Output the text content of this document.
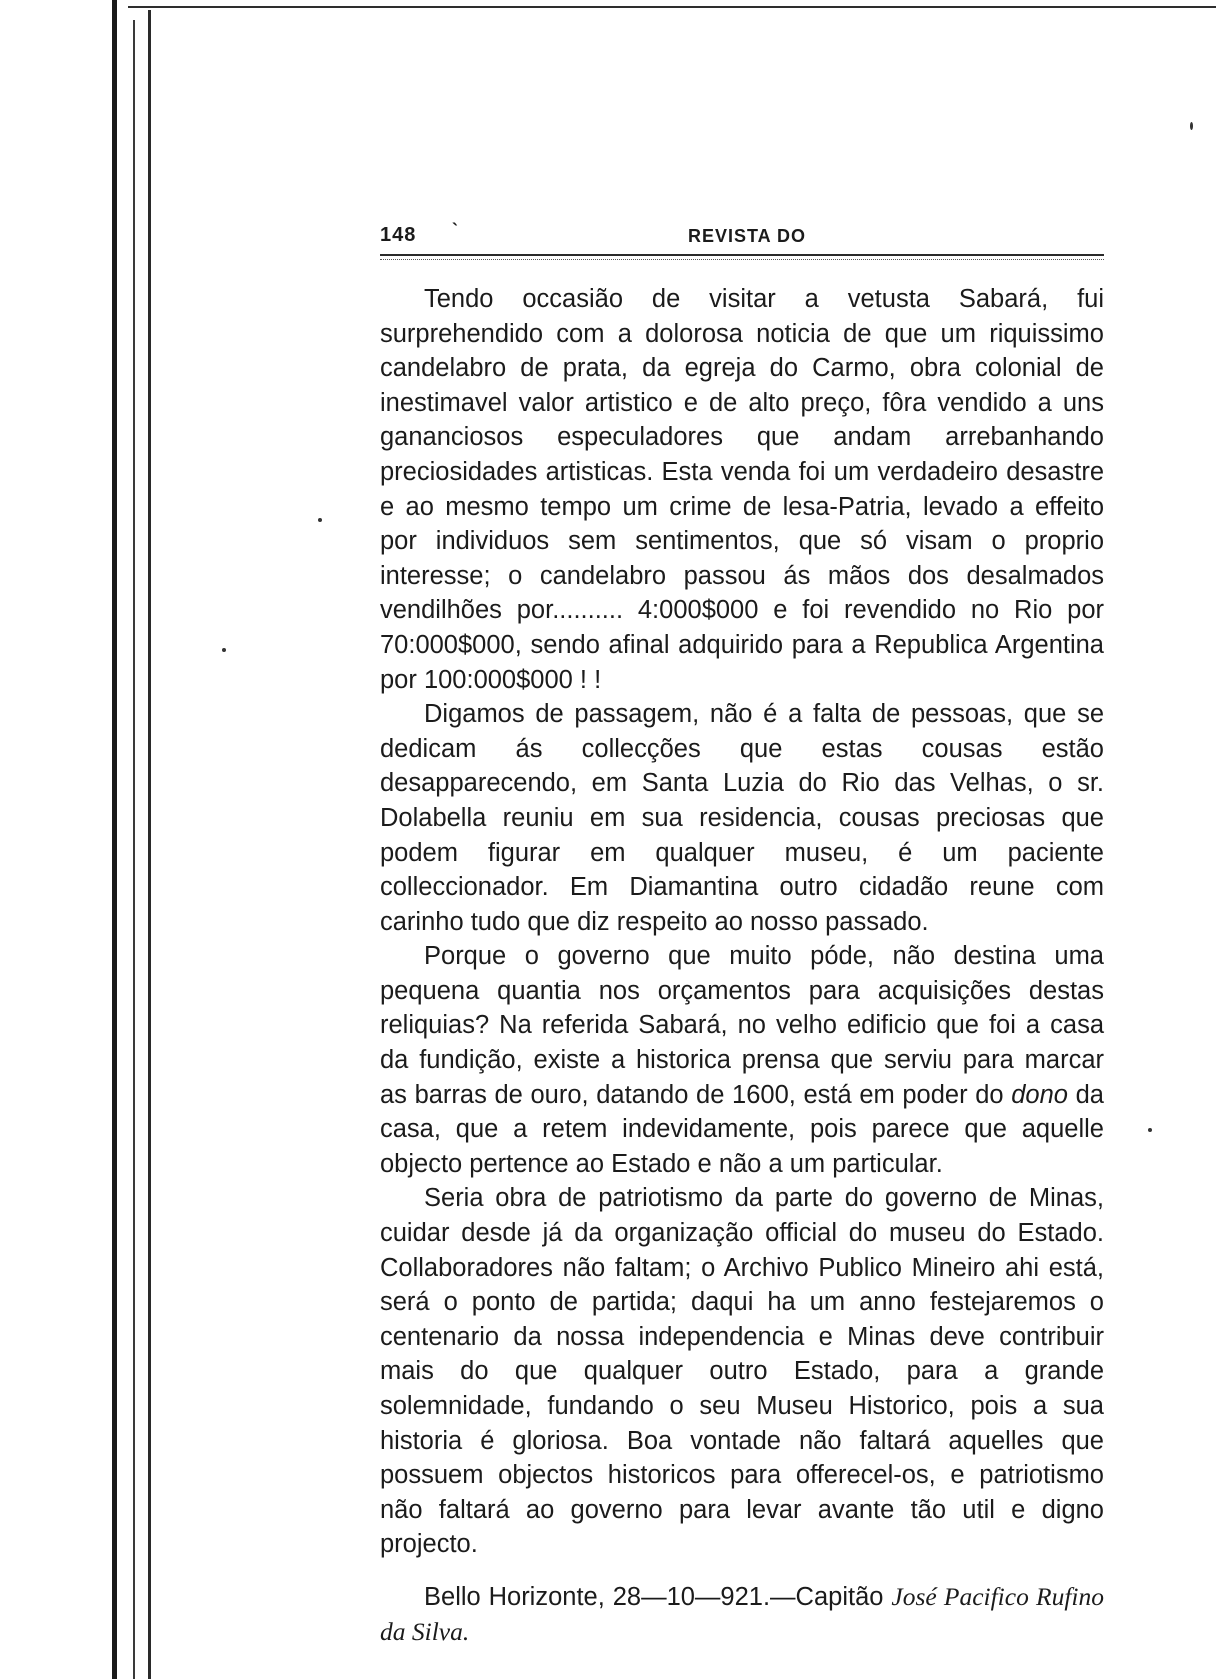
148 `	REVISTA DO

Tendo occasião de visitar a vetusta Sabará, fui surprehendido com a dolorosa noticia de que um riquissimo candelabro de prata, da egreja do Carmo, obra colonial de inestimavel valor artistico e de alto preço, fôra vendido a uns gananciosos especuladores que andam arrebanhando preciosidades artisticas. Esta venda foi um verdadeiro desastre e ao mesmo tempo um crime de lesa-Patria, levado a effeito por individuos sem sentimentos, que só visam o proprio interesse; o candelabro passou ás mãos dos desalmados vendilhões por.......... 4:000$000 e foi revendido no Rio por 70:000$000, sendo afinal adquirido para a Republica Argentina por 100:000$000 ! !

Digamos de passagem, não é a falta de pessoas, que se dedicam ás collecções que estas cousas estão desapparecendo, em Santa Luzia do Rio das Velhas, o sr. Dolabella reuniu em sua residencia, cousas preciosas que podem figurar em qualquer museu, é um paciente colleccionador. Em Diamantina outro cidadão reune com carinho tudo que diz respeito ao nosso passado.

Porque o governo que muito póde, não destina uma pequena quantia nos orçamentos para acquisições destas reliquias? Na referida Sabará, no velho edificio que foi a casa da fundição, existe a historica prensa que serviu para marcar as barras de ouro, datando de 1600, está em poder do dono da casa, que a retem indevidamente, pois parece que aquelle objecto pertence ao Estado e não a um particular.

Seria obra de patriotismo da parte do governo de Minas, cuidar desde já da organização official do museu do Estado. Collaboradores não faltam; o Archivo Publico Mineiro ahi está, será o ponto de partida; daqui ha um anno festejaremos o centenario da nossa independencia e Minas deve contribuir mais do que qualquer outro Estado, para a grande solemnidade, fundando o seu Museu Historico, pois a sua historia é gloriosa. Boa vontade não faltará aquelles que possuem objectos historicos para offerecel-os, e patriotismo não faltará ao governo para levar avante tão util e digno projecto.

Bello Horizonte, 28—10—921.—Capitão José Pacifico Rufino da Silva.
